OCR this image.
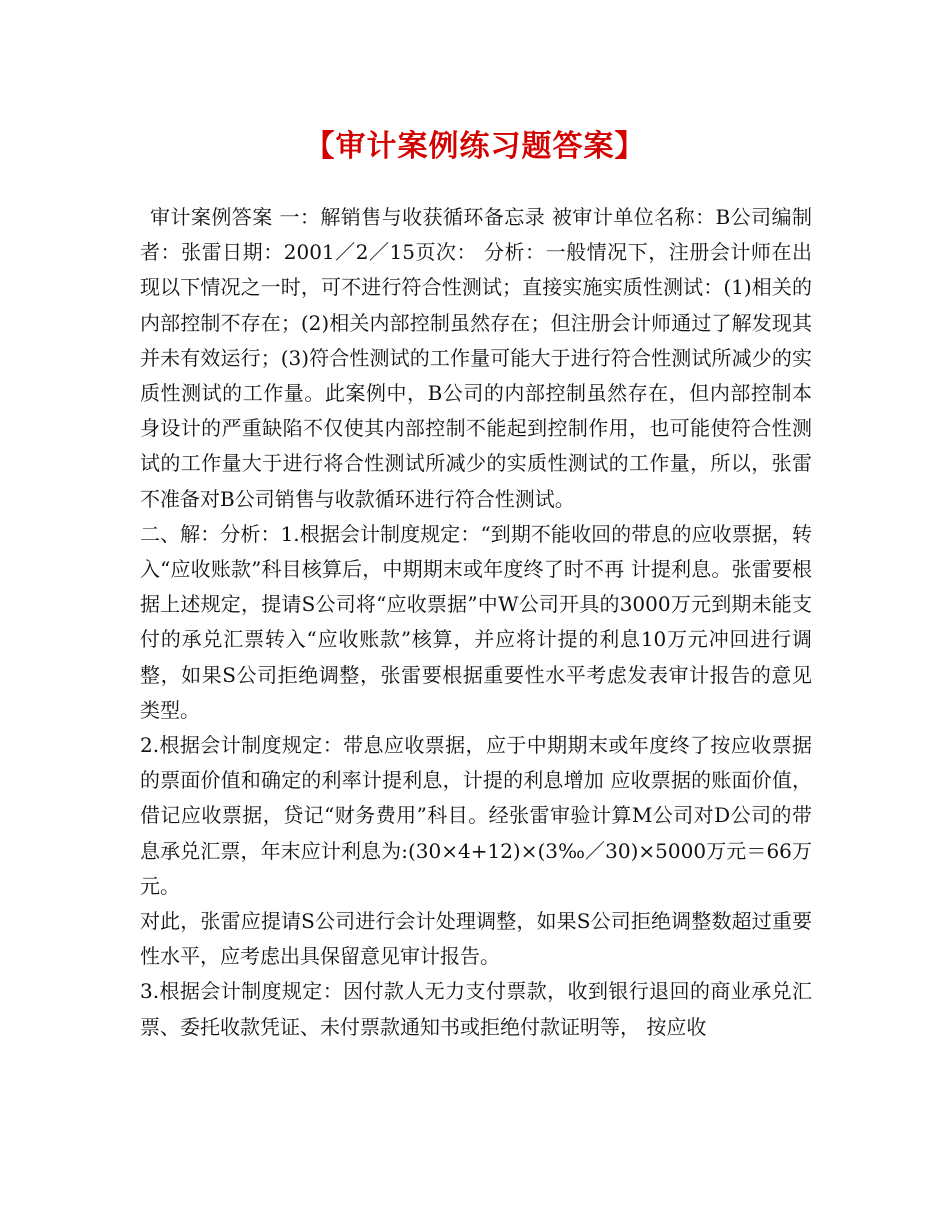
【审计案例练习题答案】

审计案例答案 一：解销售与收获循环备忘录 被审计单位名称：B公司编制者：张雷日期：2001／2／15页次： 分析：一般情况下，注册会计师在出现以下情况之一时，可不进行符合性测试；直接实施实质性测试：(1)相关的内部控制不存在；(2)相关内部控制虽然存在；但注册会计师通过了解发现其并未有效运行；(3)符合性测试的工作量可能大于进行符合性测试所减少的实质性测试的工作量。此案例中，B公司的内部控制虽然存在，但内部控制本身设计的严重缺陷不仅使其内部控制不能起到控制作用，也可能使符合性测试的工作量大于进行将合性测试所减少的实质性测试的工作量，所以，张雷不准备对B公司销售与收款循环进行符合性测试。

二、解：分析：1.根据会计制度规定：“到期不能收回的带息的应收票据，转入“应收账款”科目核算后，中期期末或年度终了时不再 计提利息。张雷要根据上述规定，提请S公司将“应收票据”中W公司开具的3000万元到期未能支付的承兑汇票转入“应收账款”核算，并应将计提的利息10万元冲回进行调整，如果S公司拒绝调整，张雷要根据重要性水平考虑发表审计报告的意见类型。

2.根据会计制度规定：带息应收票据，应于中期期末或年度终了按应收票据的票面价值和确定的利率计提利息，计提的利息增加 应收票据的账面价值，借记应收票据，贷记“财务费用”科目。经张雷审验计算M公司对D公司的带息承兑汇票，年末应计利息为:(30×4+12)×(3‰／30)×5000万元＝66万元。

对此，张雷应提请S公司进行会计处理调整，如果S公司拒绝调整数超过重要性水平，应考虑出具保留意见审计报告。

3.根据会计制度规定：因付款人无力支付票款，收到银行退回的商业承兑汇票、委托收款凭证、未付票款通知书或拒绝付款证明等， 按应收
